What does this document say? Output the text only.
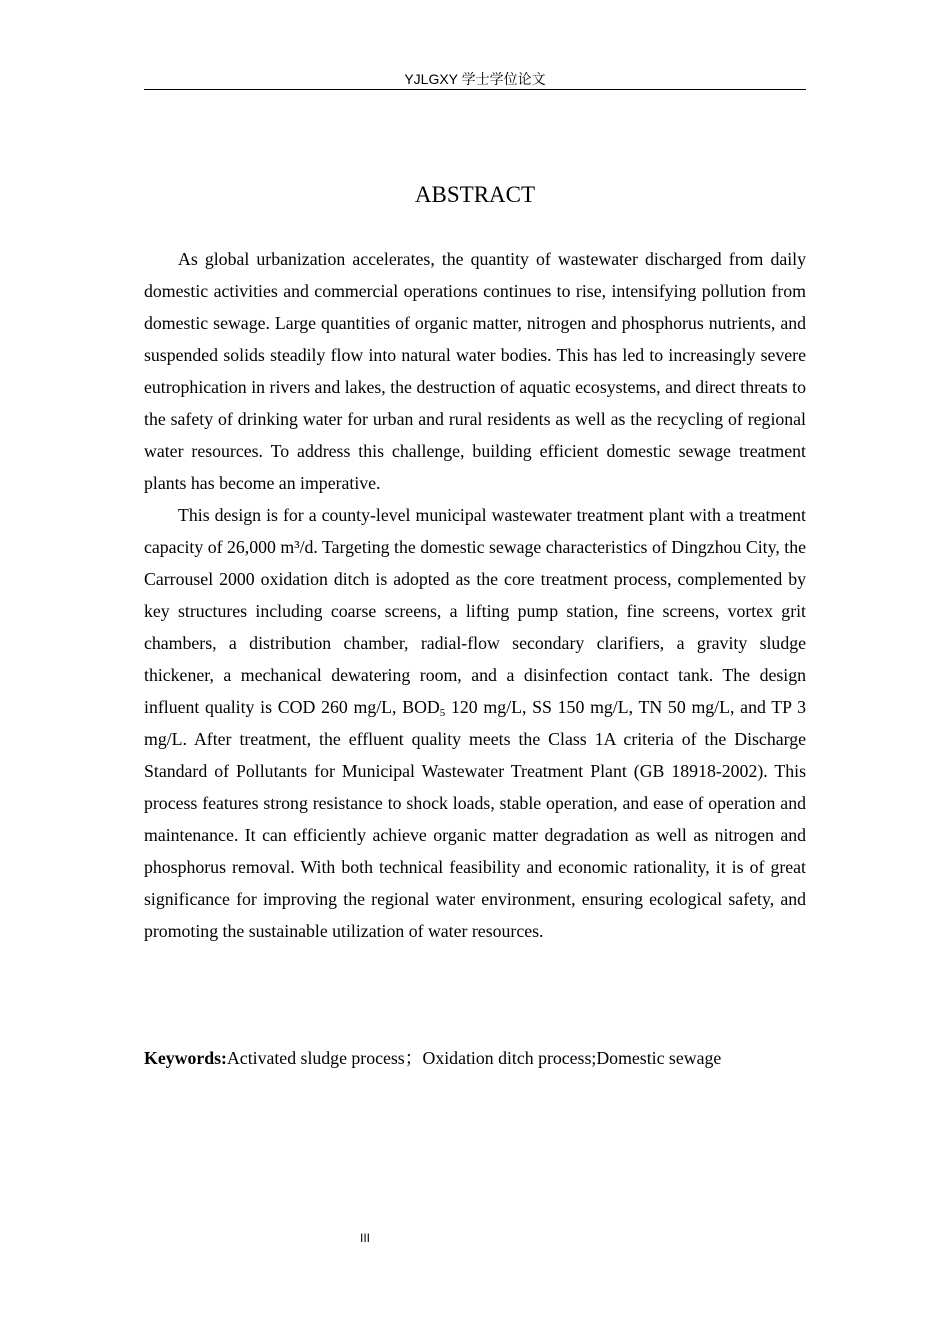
YJLGXY 学士学位论文
ABSTRACT

As global urbanization accelerates, the quantity of wastewater discharged from daily domestic activities and commercial operations continues to rise, intensifying pollution from domestic sewage. Large quantities of organic matter, nitrogen and phosphorus nutrients, and suspended solids steadily flow into natural water bodies. This has led to increasingly severe eutrophication in rivers and lakes, the destruction of aquatic ecosystems, and direct threats to the safety of drinking water for urban and rural residents as well as the recycling of regional water resources. To address this challenge, building efficient domestic sewage treatment plants has become an imperative.

This design is for a county-level municipal wastewater treatment plant with a treatment capacity of 26,000 m³/d. Targeting the domestic sewage characteristics of Dingzhou City, the Carrousel 2000 oxidation ditch is adopted as the core treatment process, complemented by key structures including coarse screens, a lifting pump station, fine screens, vortex grit chambers, a distribution chamber, radial-flow secondary clarifiers, a gravity sludge thickener, a mechanical dewatering room, and a disinfection contact tank. The design influent quality is COD 260 mg/L, $BOD_5$ 120 mg/L, SS 150 mg/L, TN 50 mg/L, and TP 3 mg/L. After treatment, the effluent quality meets the Class 1A criteria of the Discharge Standard of Pollutants for Municipal Wastewater Treatment Plant (GB 18918-2002). This process features strong resistance to shock loads, stable operation, and ease of operation and maintenance. It can efficiently achieve organic matter degradation as well as nitrogen and phosphorus removal. With both technical feasibility and economic rationality, it is of great significance for improving the regional water environment, ensuring ecological safety, and promoting the sustainable utilization of water resources.

Keywords:Activated sludge process；Oxidation ditch process;Domestic sewage
III
